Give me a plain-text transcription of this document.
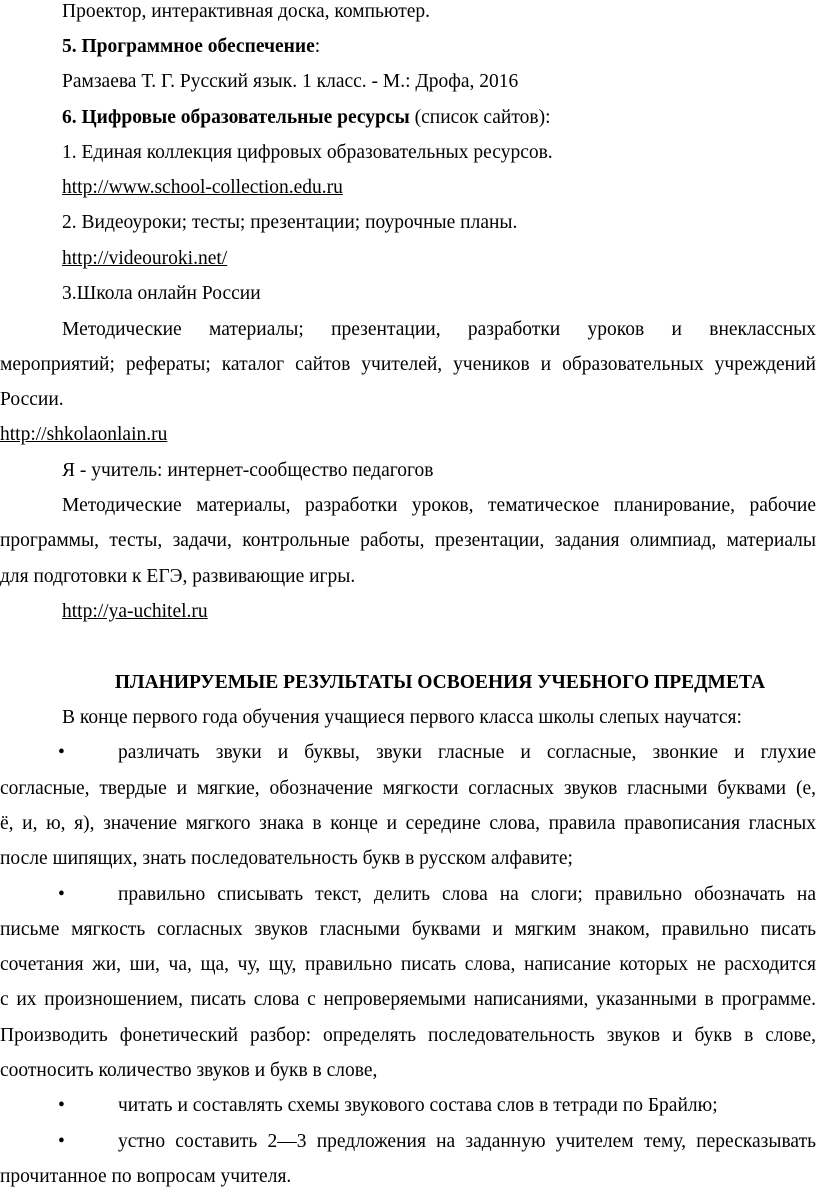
Проектор, интерактивная доска, компьютер.
5. Программное обеспечение:
Рамзаева Т. Г. Русский язык. 1 класс. - М.: Дрофа, 2016
6. Цифровые образовательные ресурсы (список сайтов):
1. Единая коллекция цифровых образовательных ресурсов.
http://www.school-collection.edu.ru
2. Видеоуроки; тесты; презентации; поурочные планы.
http://videouroki.net/
3.Школа онлайн России
Методические материалы; презентации, разработки уроков и внеклассных
мероприятий; рефераты; каталог сайтов учителей, учеников и образовательных учреждений
России.
http://shkolaonlain.ru
Я - учитель: интернет-сообщество педагогов
Методические материалы, разработки уроков, тематическое планирование, рабочие
программы, тесты, задачи, контрольные работы, презентации, задания олимпиад, материалы
для подготовки к ЕГЭ, развивающие игры.
http://ya-uchitel.ru
ПЛАНИРУЕМЫЕ РЕЗУЛЬТАТЫ ОСВОЕНИЯ УЧЕБНОГО ПРЕДМЕТА
В конце первого года обучения учащиеся первого класса школы слепых научатся:
•	различать звуки и буквы, звуки гласные и согласные, звонкие и глухие
согласные, твердые и мягкие, обозначение мягкости согласных звуков гласными буквами (е,
ё, и, ю, я), значение мягкого знака в конце и середине слова, правила правописания гласных
после шипящих, знать последовательность букв в русском алфавите;
•	правильно списывать текст, делить слова на слоги; правильно обозначать на
письме мягкость согласных звуков гласными буквами и мягким знаком, правильно писать
сочетания жи, ши, ча, ща, чу, щу, правильно писать слова, написание которых не расходится
с их произношением, писать слова с непроверяемыми написаниями, указанными в программе.
Производить фонетический разбор: определять последовательность звуков и букв в слове,
соотносить количество звуков и букв в слове,
•	читать и составлять схемы звукового состава слов в тетради по Брайлю;
•	устно составить 2—3 предложения на заданную учителем тему, пересказывать
прочитанное по вопросам учителя.
